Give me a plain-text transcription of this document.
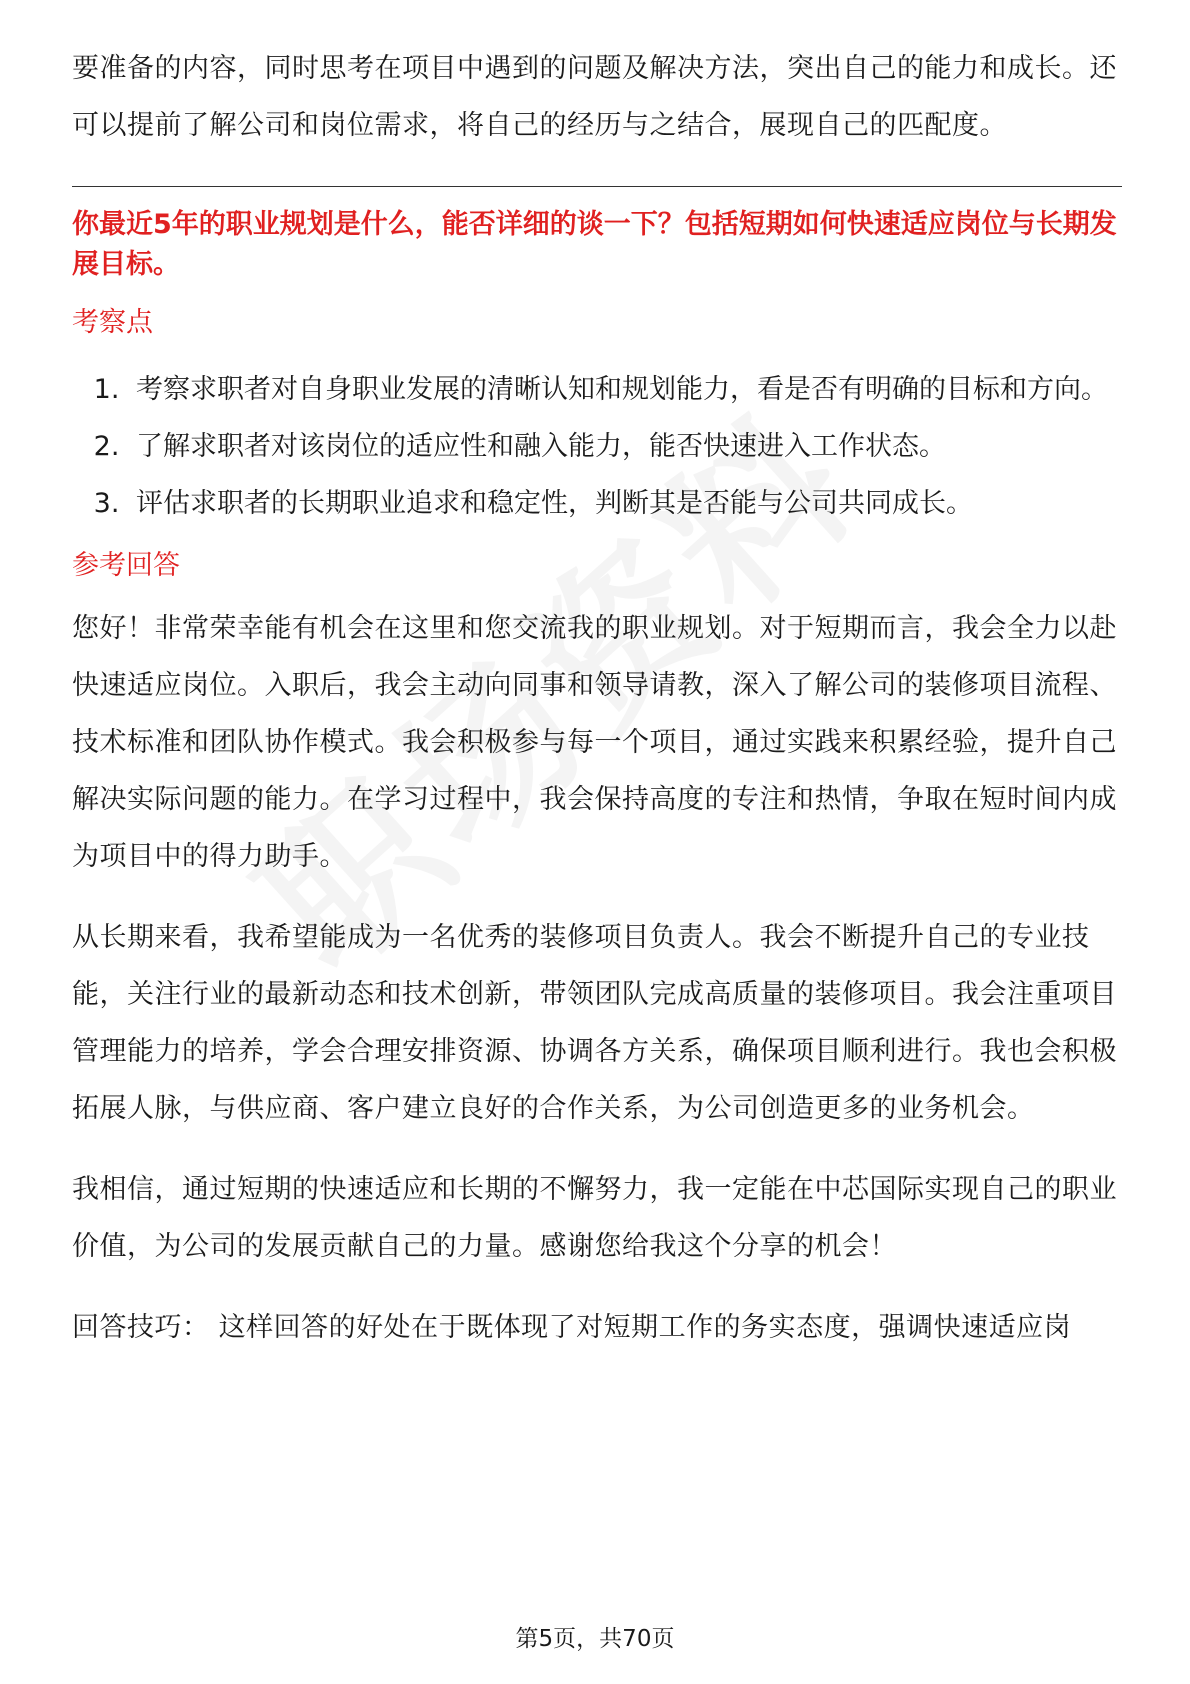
要准备的内容，同时思考在项目中遇到的问题及解决方法，突出自己的能力和成长。还可以提前了解公司和岗位需求，将自己的经历与之结合，展现自己的匹配度。

你最近5年的职业规划是什么，能否详细的谈一下？包括短期如何快速适应岗位与长期发展目标。

考察点

1. 考察求职者对自身职业发展的清晰认知和规划能力，看是否有明确的目标和方向。
2. 了解求职者对该岗位的适应性和融入能力，能否快速进入工作状态。
3. 评估求职者的长期职业追求和稳定性，判断其是否能与公司共同成长。

参考回答

您好！非常荣幸能有机会在这里和您交流我的职业规划。对于短期而言，我会全力以赴快速适应岗位。入职后，我会主动向同事和领导请教，深入了解公司的装修项目流程、技术标准和团队协作模式。我会积极参与每一个项目，通过实践来积累经验，提升自己解决实际问题的能力。在学习过程中，我会保持高度的专注和热情，争取在短时间内成为项目中的得力助手。

从长期来看，我希望能成为一名优秀的装修项目负责人。我会不断提升自己的专业技能，关注行业的最新动态和技术创新，带领团队完成高质量的装修项目。我会注重项目管理能力的培养，学会合理安排资源、协调各方关系，确保项目顺利进行。我也会积极拓展人脉，与供应商、客户建立良好的合作关系，为公司创造更多的业务机会。

我相信，通过短期的快速适应和长期的不懈努力，我一定能在中芯国际实现自己的职业价值，为公司的发展贡献自己的力量。感谢您给我这个分享的机会！

回答技巧： 这样回答的好处在于既体现了对短期工作的务实态度，强调快速适应岗

第5页，共70页
